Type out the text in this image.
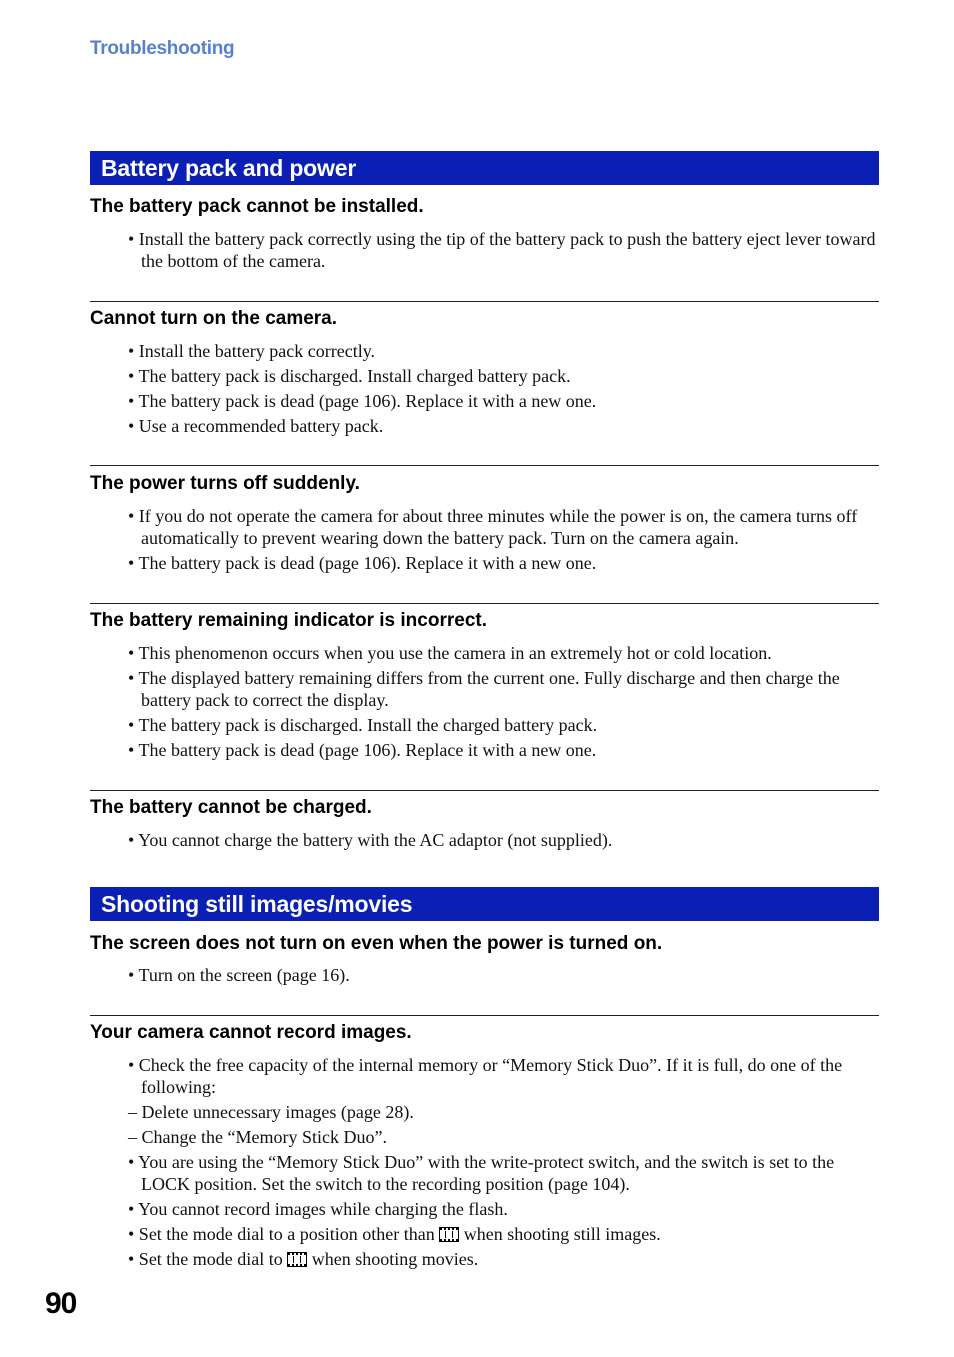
Troubleshooting
Battery pack and power
The battery pack cannot be installed.
• Install the battery pack correctly using the tip of the battery pack to push the battery eject lever toward the bottom of the camera.
Cannot turn on the camera.
• Install the battery pack correctly.
• The battery pack is discharged. Install charged battery pack.
• The battery pack is dead (page 106). Replace it with a new one.
• Use a recommended battery pack.
The power turns off suddenly.
• If you do not operate the camera for about three minutes while the power is on, the camera turns off automatically to prevent wearing down the battery pack. Turn on the camera again.
• The battery pack is dead (page 106). Replace it with a new one.
The battery remaining indicator is incorrect.
• This phenomenon occurs when you use the camera in an extremely hot or cold location.
• The displayed battery remaining differs from the current one. Fully discharge and then charge the battery pack to correct the display.
• The battery pack is discharged. Install the charged battery pack.
• The battery pack is dead (page 106). Replace it with a new one.
The battery cannot be charged.
• You cannot charge the battery with the AC adaptor (not supplied).
Shooting still images/movies
The screen does not turn on even when the power is turned on.
• Turn on the screen (page 16).
Your camera cannot record images.
• Check the free capacity of the internal memory or “Memory Stick Duo”. If it is full, do one of the following:
– Delete unnecessary images (page 28).
– Change the “Memory Stick Duo”.
• You are using the “Memory Stick Duo” with the write-protect switch, and the switch is set to the LOCK position. Set the switch to the recording position (page 104).
• You cannot record images while charging the flash.
• Set the mode dial to a position other than  when shooting still images.
• Set the mode dial to  when shooting movies.
90
